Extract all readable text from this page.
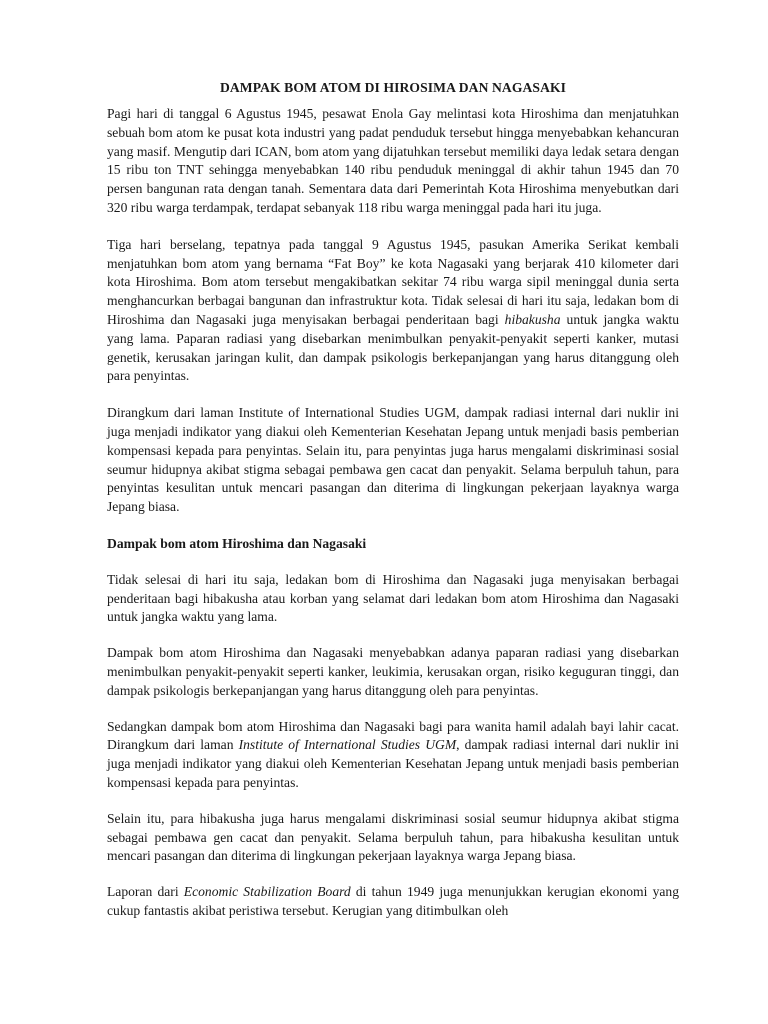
DAMPAK BOM ATOM DI HIROSIMA DAN NAGASAKI

Pagi hari di tanggal 6 Agustus 1945, pesawat Enola Gay melintasi kota Hiroshima dan menjatuhkan sebuah bom atom ke pusat kota industri yang padat penduduk tersebut hingga menyebabkan kehancuran yang masif. Mengutip dari ICAN, bom atom yang dijatuhkan tersebut memiliki daya ledak setara dengan 15 ribu ton TNT sehingga menyebabkan 140 ribu penduduk meninggal di akhir tahun 1945 dan 70 persen bangunan rata dengan tanah. Sementara data dari Pemerintah Kota Hiroshima menyebutkan dari 320 ribu warga terdampak, terdapat sebanyak 118 ribu warga meninggal pada hari itu juga.

Tiga hari berselang, tepatnya pada tanggal 9 Agustus 1945, pasukan Amerika Serikat kembali menjatuhkan bom atom yang bernama “Fat Boy” ke kota Nagasaki yang berjarak 410 kilometer dari kota Hiroshima. Bom atom tersebut mengakibatkan sekitar 74 ribu warga sipil meninggal dunia serta menghancurkan berbagai bangunan dan infrastruktur kota. Tidak selesai di hari itu saja, ledakan bom di Hiroshima dan Nagasaki juga menyisakan berbagai penderitaan bagi hibakusha untuk jangka waktu yang lama. Paparan radiasi yang disebarkan menimbulkan penyakit-penyakit seperti kanker, mutasi genetik, kerusakan jaringan kulit, dan dampak psikologis berkepanjangan yang harus ditanggung oleh para penyintas.

Dirangkum dari laman Institute of International Studies UGM, dampak radiasi internal dari nuklir ini juga menjadi indikator yang diakui oleh Kementerian Kesehatan Jepang untuk menjadi basis pemberian kompensasi kepada para penyintas. Selain itu, para penyintas juga harus mengalami diskriminasi sosial seumur hidupnya akibat stigma sebagai pembawa gen cacat dan penyakit. Selama berpuluh tahun, para penyintas kesulitan untuk mencari pasangan dan diterima di lingkungan pekerjaan layaknya warga Jepang biasa.

Dampak bom atom Hiroshima dan Nagasaki

Tidak selesai di hari itu saja, ledakan bom di Hiroshima dan Nagasaki juga menyisakan berbagai penderitaan bagi hibakusha atau korban yang selamat dari ledakan bom atom Hiroshima dan Nagasaki untuk jangka waktu yang lama.

Dampak bom atom Hiroshima dan Nagasaki menyebabkan adanya paparan radiasi yang disebarkan menimbulkan penyakit-penyakit seperti kanker, leukimia, kerusakan organ, risiko keguguran tinggi, dan dampak psikologis berkepanjangan yang harus ditanggung oleh para penyintas.

Sedangkan dampak bom atom Hiroshima dan Nagasaki bagi para wanita hamil adalah bayi lahir cacat. Dirangkum dari laman Institute of International Studies UGM, dampak radiasi internal dari nuklir ini juga menjadi indikator yang diakui oleh Kementerian Kesehatan Jepang untuk menjadi basis pemberian kompensasi kepada para penyintas.

Selain itu, para hibakusha juga harus mengalami diskriminasi sosial seumur hidupnya akibat stigma sebagai pembawa gen cacat dan penyakit. Selama berpuluh tahun, para hibakusha kesulitan untuk mencari pasangan dan diterima di lingkungan pekerjaan layaknya warga Jepang biasa.

Laporan dari Economic Stabilization Board di tahun 1949 juga menunjukkan kerugian ekonomi yang cukup fantastis akibat peristiwa tersebut. Kerugian yang ditimbulkan oleh
